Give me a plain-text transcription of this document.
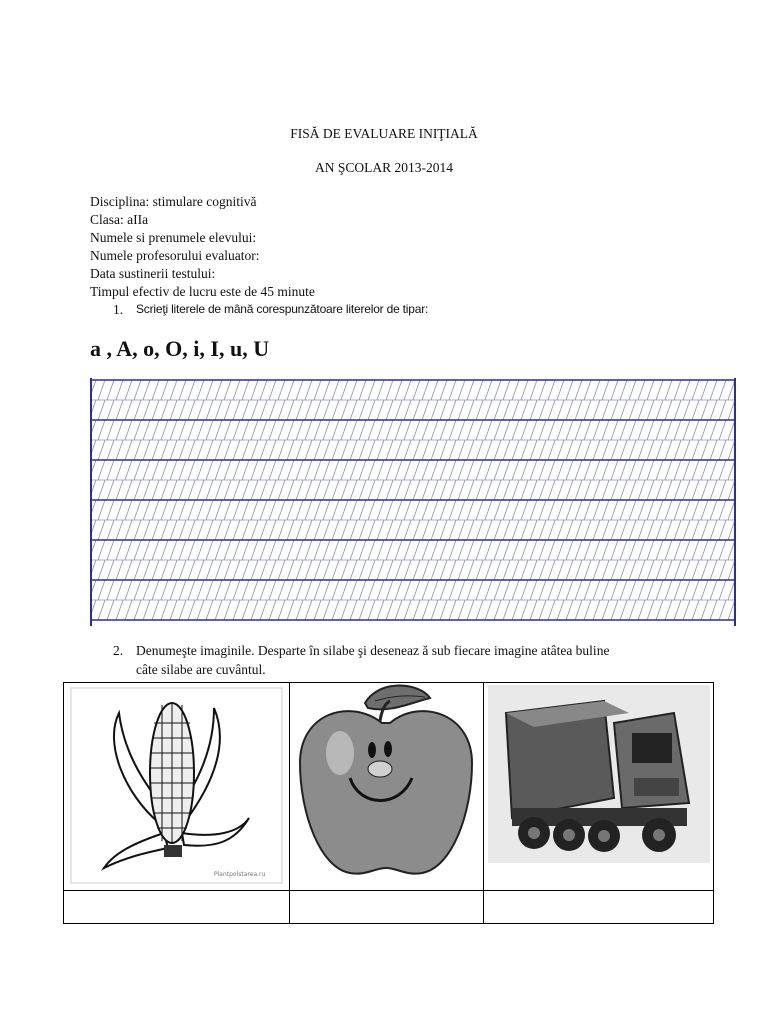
FISĂ DE EVALUARE INIŢIALĂ
AN ŞCOLAR 2013-2014
Disciplina: stimulare cognitivă
Clasa: aIIa
Numele si prenumele elevului:
Numele profesorului evaluator:
Data sustinerii testului:
Timpul efectiv de lucru este de 45 minute
1. Scrieţi literele de mână corespunzătoare literelor de tipar:
a , A, o, O, i, I, u, U
2. Denumeşte imaginile. Desparte în silabe şi deseneaz ă sub fiecare imagine atâtea buline
câte silabe are cuvântul.
Plantpolstarea.ru
